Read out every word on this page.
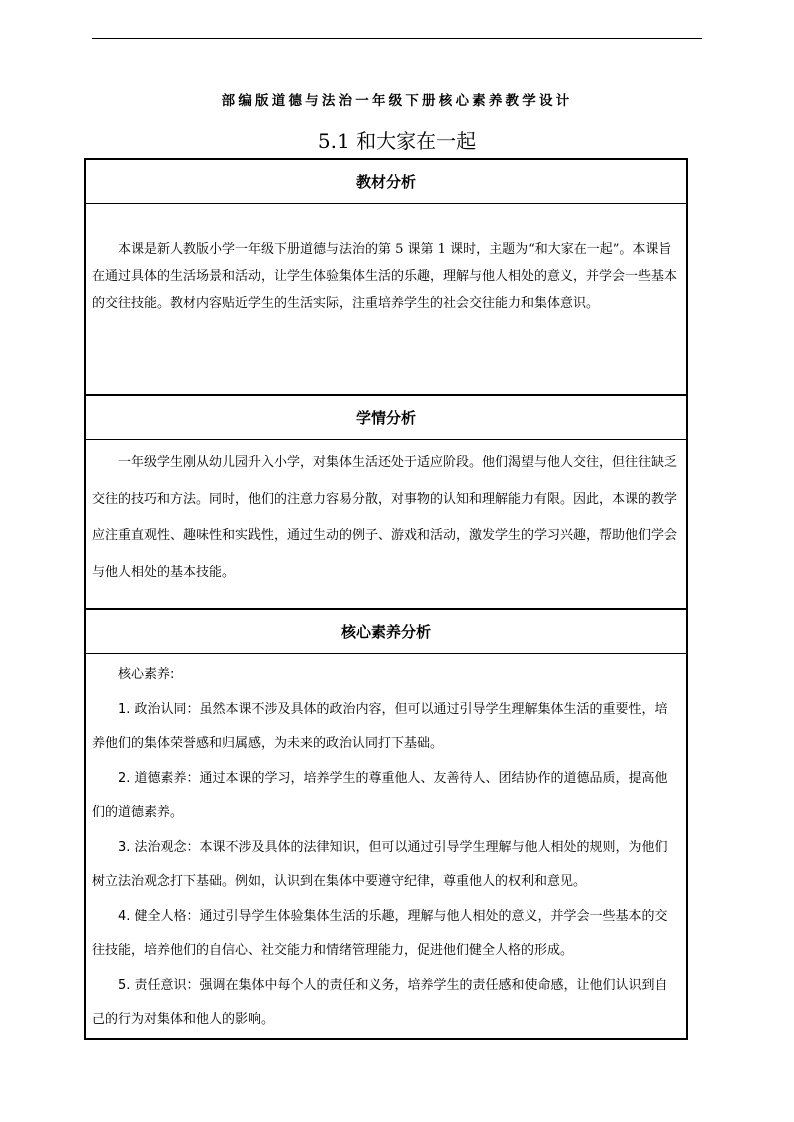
部编版道德与法治一年级下册核心素养教学设计
5.1 和大家在一起
教材分析

本课是新人教版小学一年级下册道德与法治的第 5 课第 1 课时，主题为“和大家在一起”。本课旨在通过具体的生活场景和活动，让学生体验集体生活的乐趣，理解与他人相处的意义，并学会一些基本的交往技能。教材内容贴近学生的生活实际，注重培养学生的社会交往能力和集体意识。

学情分析

一年级学生刚从幼儿园升入小学，对集体生活还处于适应阶段。他们渴望与他人交往，但往往缺乏交往的技巧和方法。同时，他们的注意力容易分散，对事物的认知和理解能力有限。因此，本课的教学应注重直观性、趣味性和实践性，通过生动的例子、游戏和活动，激发学生的学习兴趣，帮助他们学会与他人相处的基本技能。

核心素养分析

核心素养:

1. 政治认同：虽然本课不涉及具体的政治内容，但可以通过引导学生理解集体生活的重要性，培养他们的集体荣誉感和归属感，为未来的政治认同打下基础。

2. 道德素养：通过本课的学习，培养学生的尊重他人、友善待人、团结协作的道德品质，提高他们的道德素养。

3. 法治观念：本课不涉及具体的法律知识，但可以通过引导学生理解与他人相处的规则，为他们树立法治观念打下基础。例如，认识到在集体中要遵守纪律，尊重他人的权利和意见。

4. 健全人格：通过引导学生体验集体生活的乐趣，理解与他人相处的意义，并学会一些基本的交往技能，培养他们的自信心、社交能力和情绪管理能力，促进他们健全人格的形成。

5. 责任意识：强调在集体中每个人的责任和义务，培养学生的责任感和使命感，让他们认识到自己的行为对集体和他人的影响。
